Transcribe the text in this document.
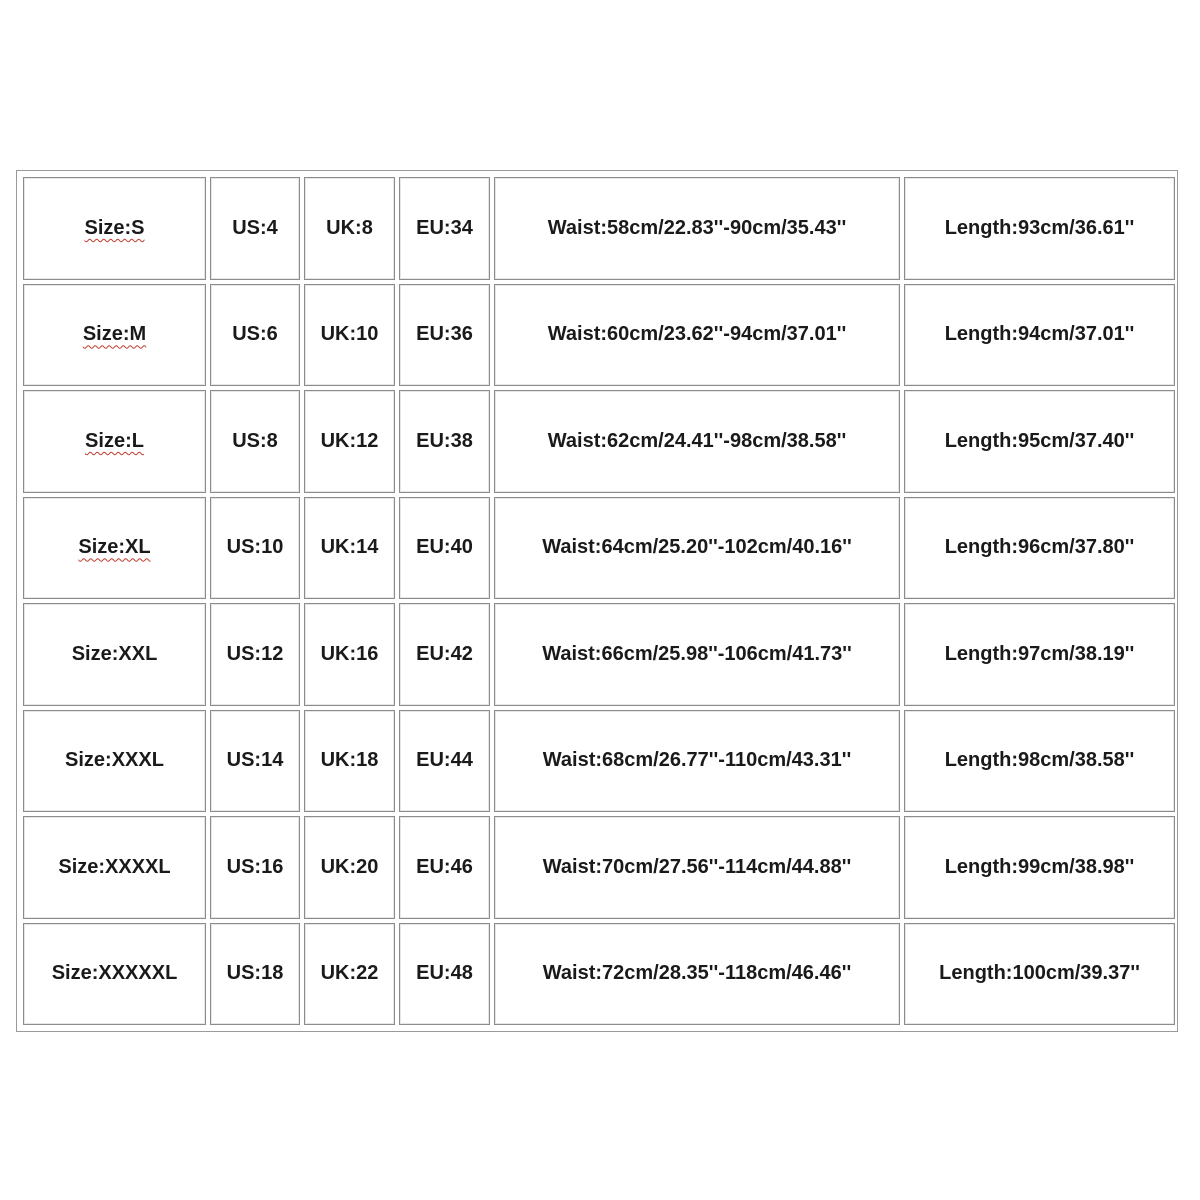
Size:S	US:4	UK:8	EU:34	Waist:58cm/22.83''-90cm/35.43''	Length:93cm/36.61''
Size:M	US:6	UK:10	EU:36	Waist:60cm/23.62''-94cm/37.01''	Length:94cm/37.01''
Size:L	US:8	UK:12	EU:38	Waist:62cm/24.41''-98cm/38.58''	Length:95cm/37.40''
Size:XL	US:10	UK:14	EU:40	Waist:64cm/25.20''-102cm/40.16''	Length:96cm/37.80''
Size:XXL	US:12	UK:16	EU:42	Waist:66cm/25.98''-106cm/41.73''	Length:97cm/38.19''
Size:XXXL	US:14	UK:18	EU:44	Waist:68cm/26.77''-110cm/43.31''	Length:98cm/38.58''
Size:XXXXL	US:16	UK:20	EU:46	Waist:70cm/27.56''-114cm/44.88''	Length:99cm/38.98''
Size:XXXXXL	US:18	UK:22	EU:48	Waist:72cm/28.35''-118cm/46.46''	Length:100cm/39.37''
